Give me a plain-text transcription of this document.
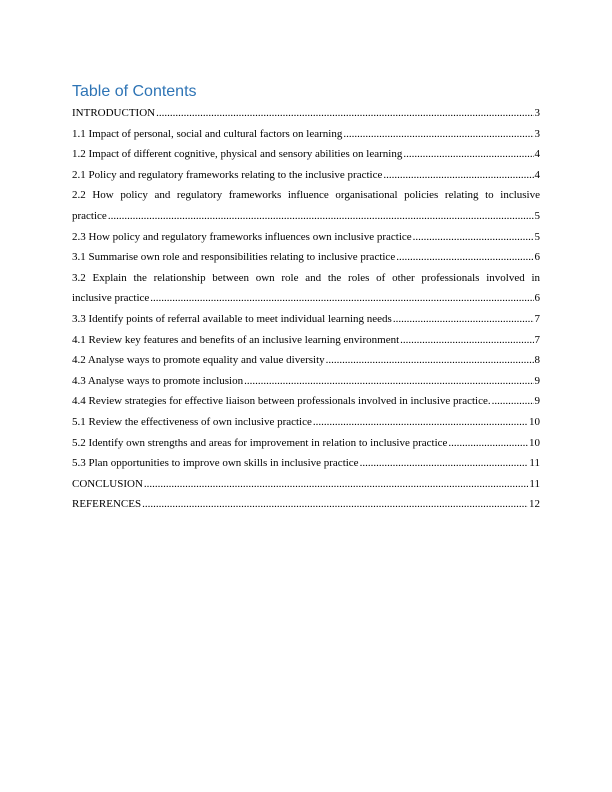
Table of Contents
INTRODUCTION .....	3
1.1 Impact of personal, social and cultural factors on learning .....	3
1.2 Impact of different cognitive, physical and sensory abilities on learning .....	4
2.1 Policy and regulatory frameworks relating to the inclusive practice .....	4
2.2 How policy and regulatory frameworks influence organisational policies relating to inclusive
practice .....	5
2.3 How policy and regulatory frameworks influences own inclusive practice .....	5
3.1 Summarise own role and responsibilities relating to inclusive practice .....	6
3.2 Explain the relationship between own role and the roles of other professionals involved in
inclusive practice .....	6
3.3 Identify points of referral available to meet individual learning needs .....	7
4.1 Review key features and benefits of an inclusive learning environment .....	7
4.2 Analyse ways to promote equality and value diversity .....	8
4.3 Analyse ways to promote inclusion .....	9
4.4 Review strategies for effective liaison between professionals involved in inclusive practice. .....	9
5.1 Review the effectiveness of own inclusive practice .....	10
5.2 Identify own strengths and areas for improvement in relation to inclusive practice .....	10
5.3 Plan opportunities to improve own skills in inclusive practice .....	11
CONCLUSION .....	11
REFERENCES .....	12
